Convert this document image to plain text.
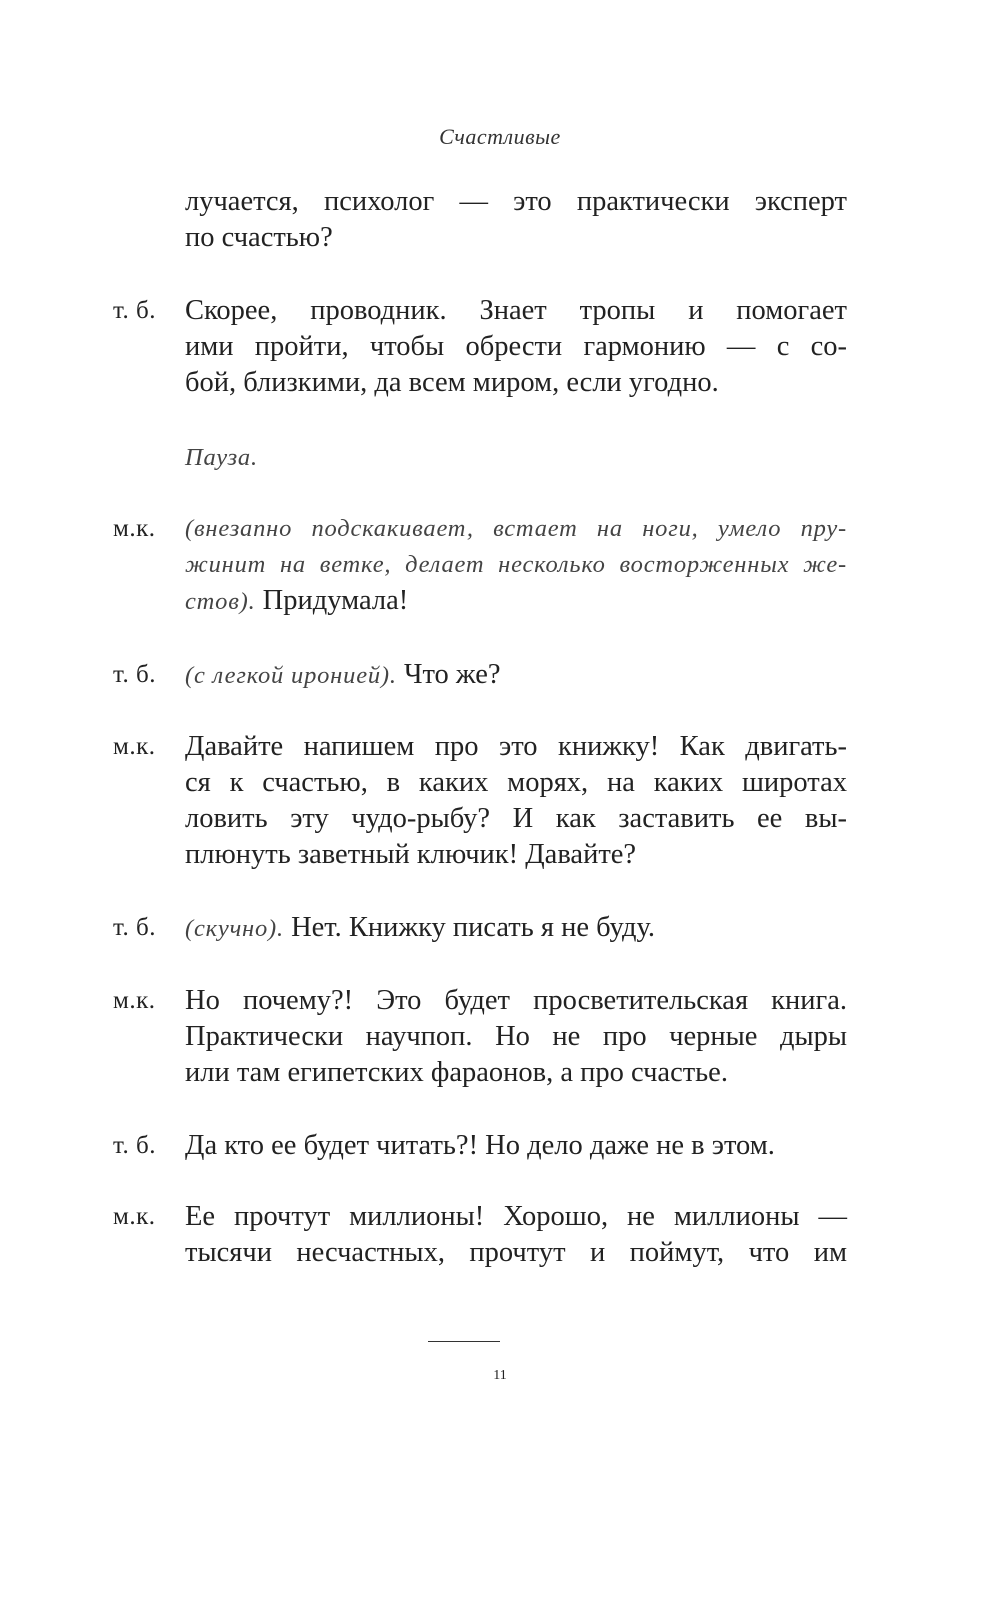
Счастливые
лучается, психолог — это практически эксперт
по счастью?
т. б.	Скорее, проводник. Знает тропы и помогает
ими пройти, чтобы обрести гармонию — с со-
бой, близкими, да всем миром, если угодно.
Пауза.
м.к.	(внезапно подскакивает, встает на ноги, умело пру-
жинит на ветке, делает несколько восторженных же-
стов). Придумала!
т. б.	(с легкой иронией). Что же?
м.к.	Давайте напишем про это книжку! Как двигать-
ся к счастью, в каких морях, на каких широтах
ловить эту чудо-рыбу? И как заставить ее вы-
плюнуть заветный ключик! Давайте?
т. б.	(скучно). Нет. Книжку писать я не буду.
м.к.	Но почему?! Это будет просветительская книга.
Практически научпоп. Но не про черные дыры
или там египетских фараонов, а про счастье.
т. б.	Да кто ее будет читать?! Но дело даже не в этом.
м.к.	Ее прочтут миллионы! Хорошо, не миллионы —
тысячи несчастных, прочтут и поймут, что им
11
